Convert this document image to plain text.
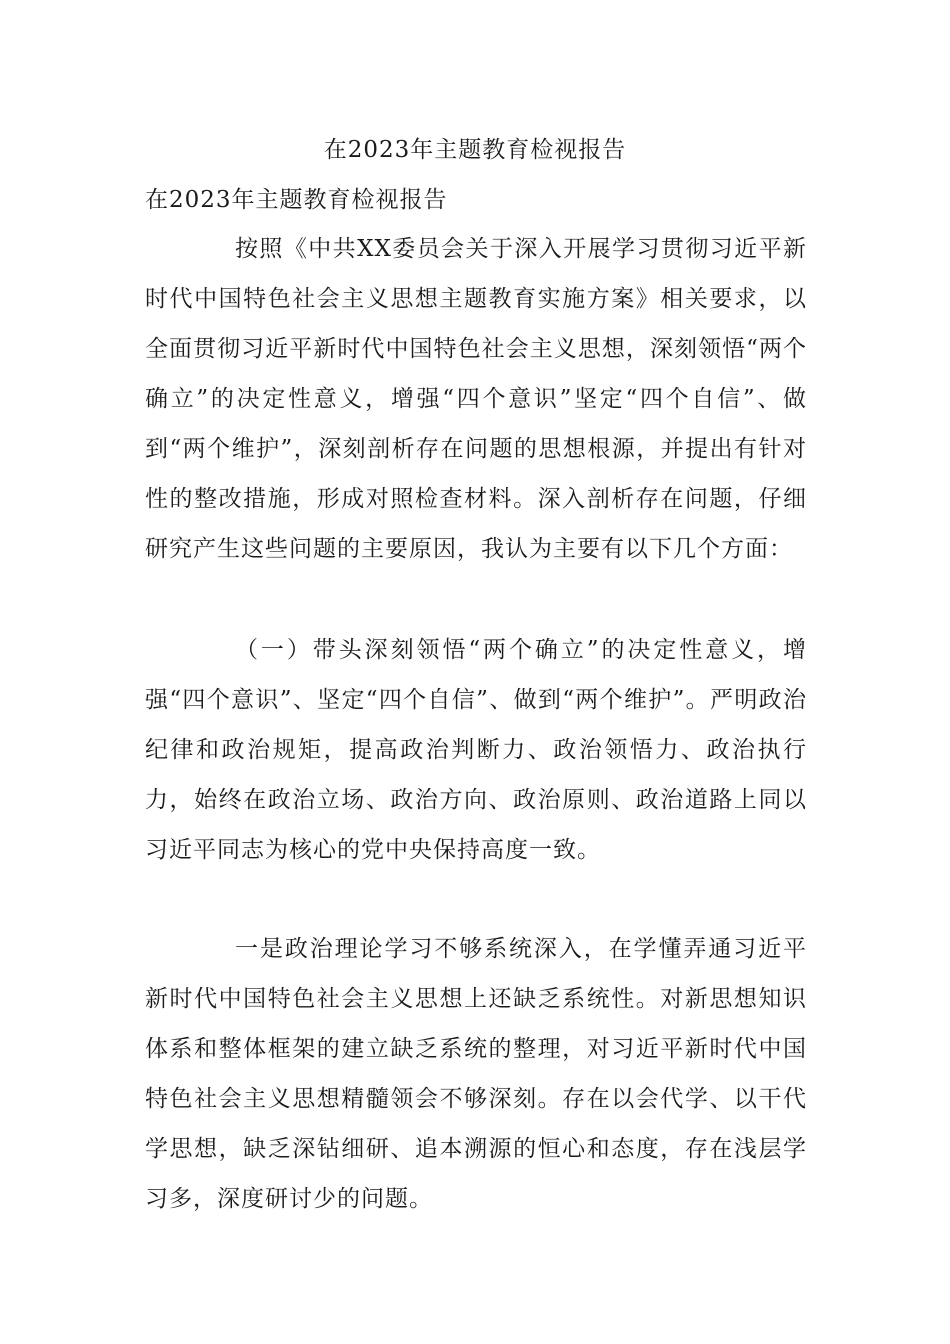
在2023年主题教育检视报告
在2023年主题教育检视报告

按照《中共XX委员会关于深入开展学习贯彻习近平新时代中国特色社会主义思想主题教育实施方案》相关要求，以全面贯彻习近平新时代中国特色社会主义思想，深刻领悟“两个确立”的决定性意义，增强“四个意识”坚定“四个自信”、做到“两个维护”，深刻剖析存在问题的思想根源，并提出有针对性的整改措施，形成对照检查材料。深入剖析存在问题，仔细研究产生这些问题的主要原因，我认为主要有以下几个方面：

（一）带头深刻领悟“两个确立”的决定性意义，增强“四个意识”、坚定“四个自信”、做到“两个维护”。严明政治纪律和政治规矩，提高政治判断力、政治领悟力、政治执行力，始终在政治立场、政治方向、政治原则、政治道路上同以习近平同志为核心的党中央保持高度一致。

一是政治理论学习不够系统深入，在学懂弄通习近平新时代中国特色社会主义思想上还缺乏系统性。对新思想知识体系和整体框架的建立缺乏系统的整理，对习近平新时代中国特色社会主义思想精髓领会不够深刻。存在以会代学、以干代学思想，缺乏深钻细研、追本溯源的恒心和态度，存在浅层学习多，深度研讨少的问题。
